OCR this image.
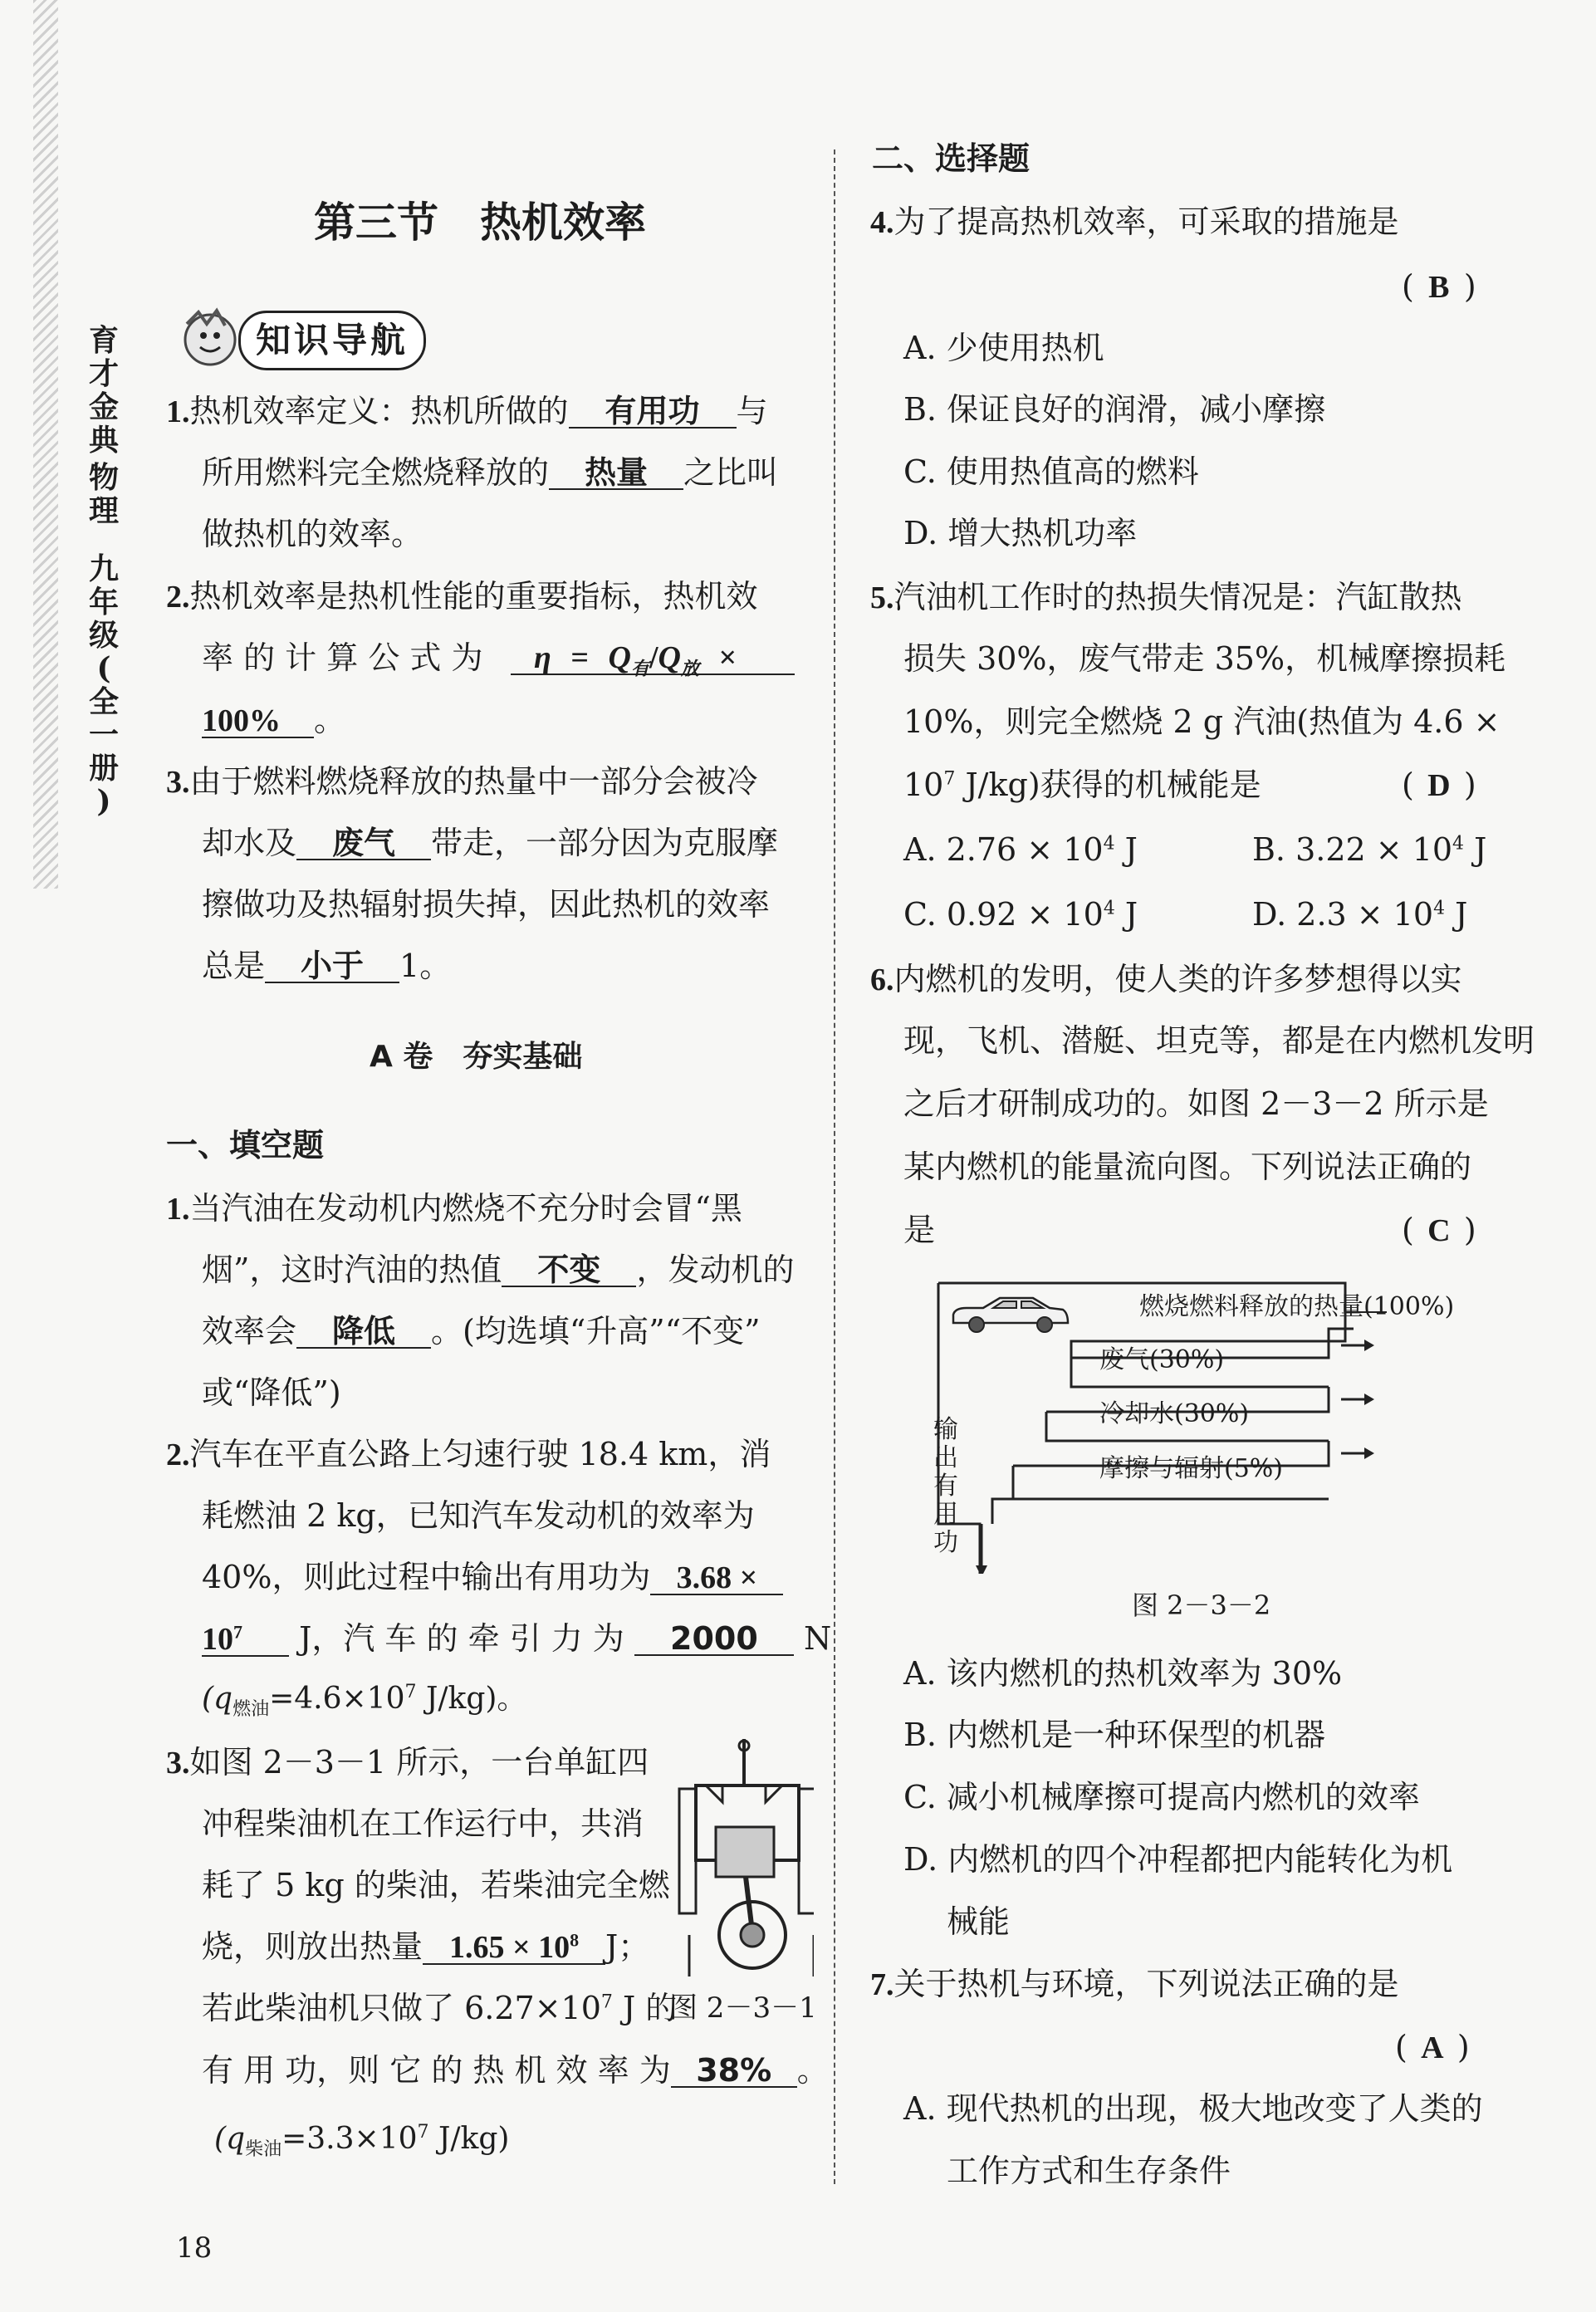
育
才
金
典
物
理
九
年
级
(
全
一
册
)
第三节　热机效率
知识导航
1.热机效率定义：热机所做的 有用功 与
所用燃料完全燃烧释放的 热量 之比叫
做热机的效率。
2.热机效率是热机性能的重要指标，热机效
率 的 计 算 公 式 为	$\eta = Q_有/Q_放$ ×
100% 。
3.由于燃料燃烧释放的热量中一部分会被冷
却水及 废气 带走，一部分因为克服摩
擦做功及热辐射损失掉，因此热机的效率
总是 小于 1。
A 卷　夯实基础
一、填空题
1.当汽油在发动机内燃烧不充分时会冒“黑
烟”，这时汽油的热值 不变 ，发动机的
效率会 降低 。(均选填“升高”“不变”
或“降低”)
2.汽车在平直公路上匀速行驶 18.4 km，消
耗燃油 2 kg，已知汽车发动机的效率为
40%，则此过程中输出有用功为 3.68 ×
$10^7$ J，汽 车 的 牵 引 力 为 2000 N
($q_{燃油}=4.6\times 10^7$ J/kg)。
3.如图 2－3－1 所示，一台单缸四
冲程柴油机在工作运行中，共消
耗了 5 kg 的柴油，若柴油完全燃
烧，则放出热量 $1.65 \times 10^8$ J；
若此柴油机只做了 $6.27\times 10^7$ J 的
图 2－3－1
有 用 功，则 它 的 热 机 效 率 为 38% 。
($q_{柴油}=3.3\times 10^7$ J/kg)
二、选择题
4.为了提高热机效率，可采取的措施是
( B )
A. 少使用热机
B. 保证良好的润滑，减小摩擦
C. 使用热值高的燃料
D. 增大热机功率
5.汽油机工作时的热损失情况是：汽缸散热
损失 30%，废气带走 35%，机械摩擦损耗
10%，则完全燃烧 2 g 汽油(热值为 4.6 ×
$10^7$ J/kg)获得的机械能是	( D )
A. $2.76 \times 10^4$ J	B. $3.22 \times 10^4$ J
C. $0.92 \times 10^4$ J	D. $2.3 \times 10^4$ J
6.内燃机的发明，使人类的许多梦想得以实
现，飞机、潜艇、坦克等，都是在内燃机发明
之后才研制成功的。如图 2－3－2 所示是
某内燃机的能量流向图。下列说法正确的
是	( C )
燃烧燃料释放的热量(100%)
废气(30%)
冷却水(30%)
摩擦与辐射(5%)
输出有用功
图 2－3－2
A. 该内燃机的热机效率为 30%
B. 内燃机是一种环保型的机器
C. 减小机械摩擦可提高内燃机的效率
D. 内燃机的四个冲程都把内能转化为机
械能
7.关于热机与环境，下列说法正确的是
( A )
A. 现代热机的出现，极大地改变了人类的
工作方式和生存条件
18
